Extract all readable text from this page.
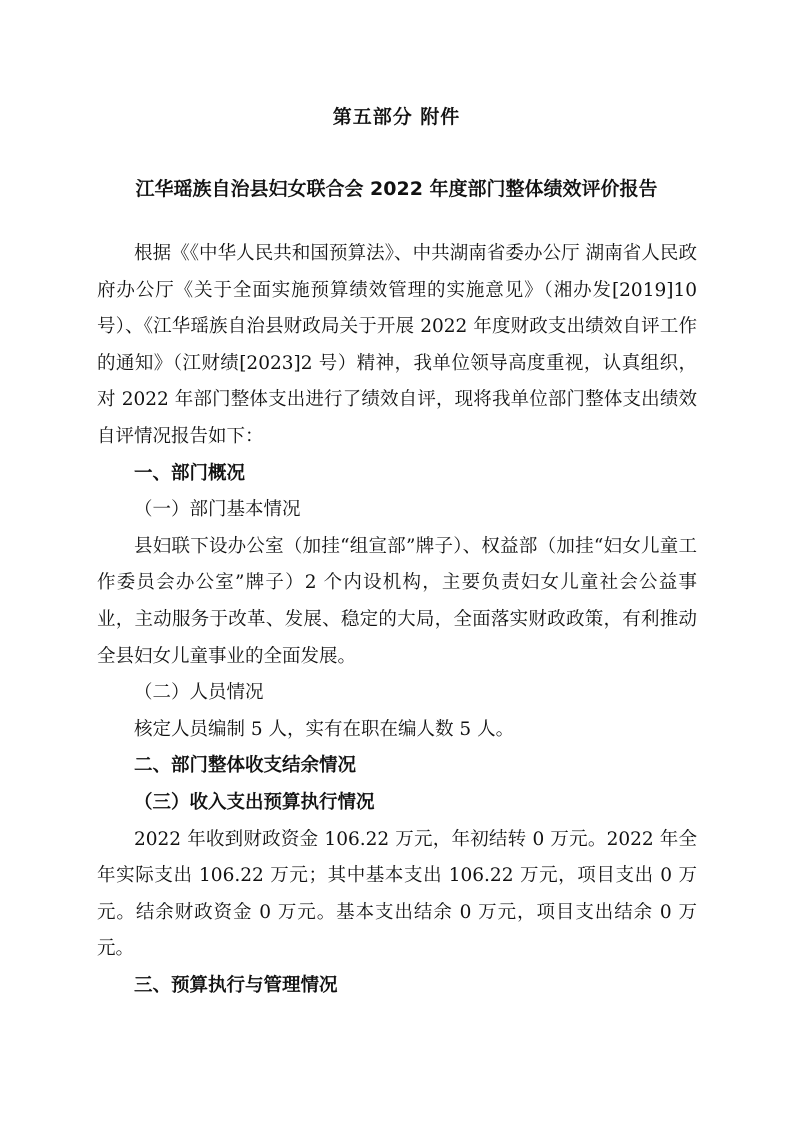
第五部分 附件
江华瑶族自治县妇女联合会 2022 年度部门整体绩效评价报告

根据《《中华人民共和国预算法》、中共湖南省委办公厅 湖南省人民政府办公厅《关于全面实施预算绩效管理的实施意见》（湘办发[2019]10 号）、《江华瑶族自治县财政局关于开展 2022 年度财政支出绩效自评工作的通知》（江财绩[2023]2 号）精神，我单位领导高度重视，认真组织，对 2022 年部门整体支出进行了绩效自评，现将我单位部门整体支出绩效自评情况报告如下：

一、部门概况

（一）部门基本情况

县妇联下设办公室（加挂“组宣部”牌子）、权益部（加挂“妇女儿童工作委员会办公室”牌子）2 个内设机构，主要负责妇女儿童社会公益事业，主动服务于改革、发展、稳定的大局，全面落实财政政策，有利推动全县妇女儿童事业的全面发展。

（二）人员情况

核定人员编制 5 人，实有在职在编人数 5 人。

二、部门整体收支结余情况

（三）收入支出预算执行情况

2022 年收到财政资金 106.22 万元，年初结转 0 万元。2022 年全年实际支出 106.22 万元；其中基本支出 106.22 万元，项目支出 0 万元。结余财政资金 0 万元。基本支出结余 0 万元，项目支出结余 0 万元。

三、预算执行与管理情况
